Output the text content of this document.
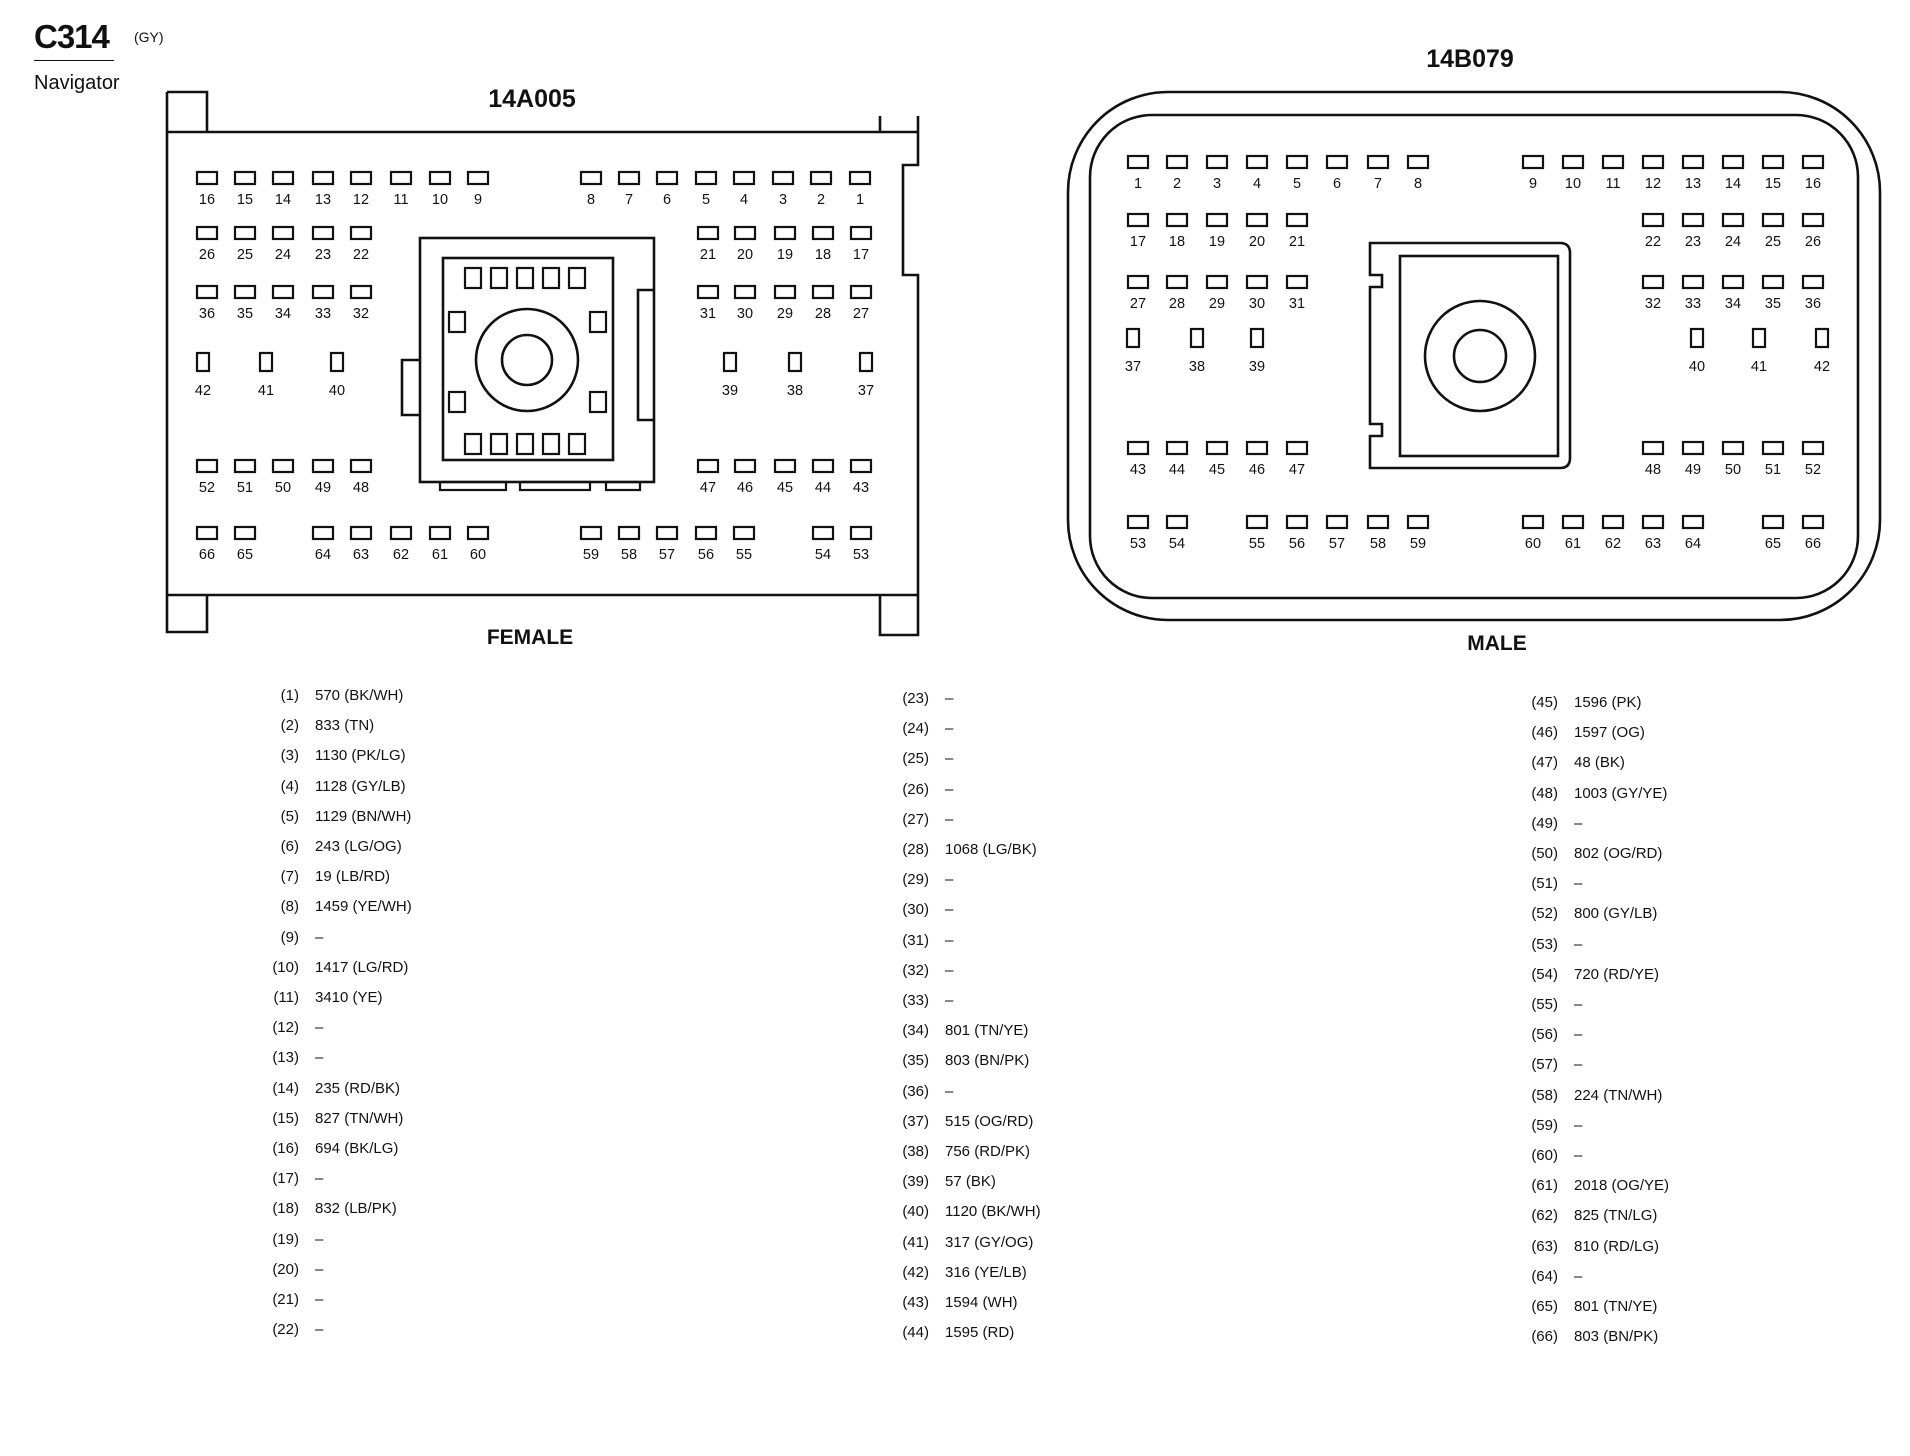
C314 (GY)
Navigator
16 15 14 13 12 11 10 9	8 7 6 5 4 3 2 1
26 25 24 23 22	21 20 19 18 17
36 35 34 33 32	31 30 29 28 27
42	41	40	39	38	37
52 51 50 49 48	47 46 45 44 43
66 65	64 63 62 61 60	59 58 57 56 55	54 53
14A005
FEMALE
1 2 3 4 5 6 7 8	9 10 11 12 13 14 15 16
17 18 19 20 21	22 23 24 25 26
27 28 29 30 31	32 33 34 35 36
37	38	39	40	41	42
43 44 45 46 47	48 49 50 51 52
53 54	55 56 57 58 59	60 61 62 63 64	65 66
14B079
MALE
(1) 570 (BK/WH)
(2) 833 (TN)
(3) 1130 (PK/LG)
(4) 1128 (GY/LB)
(5) 1129 (BN/WH)
(6) 243 (LG/OG)
(7) 19 (LB/RD)
(8) 1459 (YE/WH)
(9) –
(10) 1417 (LG/RD)
(11) 3410 (YE)
(12) –
(13) –
(14) 235 (RD/BK)
(15) 827 (TN/WH)
(16) 694 (BK/LG)
(17) –
(18) 832 (LB/PK)
(19) –
(20) –
(21) –
(22) –
(23) –
(24) –
(25) –
(26) –
(27) –
(28) 1068 (LG/BK)
(29) –
(30) –
(31) –
(32) –
(33) –
(34) 801 (TN/YE)
(35) 803 (BN/PK)
(36) –
(37) 515 (OG/RD)
(38) 756 (RD/PK)
(39) 57 (BK)
(40) 1120 (BK/WH)
(41) 317 (GY/OG)
(42) 316 (YE/LB)
(43) 1594 (WH)
(44) 1595 (RD)
(45) 1596 (PK)
(46) 1597 (OG)
(47) 48 (BK)
(48) 1003 (GY/YE)
(49) –
(50) 802 (OG/RD)
(51) –
(52) 800 (GY/LB)
(53) –
(54) 720 (RD/YE)
(55) –
(56) –
(57) –
(58) 224 (TN/WH)
(59) –
(60) –
(61) 2018 (OG/YE)
(62) 825 (TN/LG)
(63) 810 (RD/LG)
(64) –
(65) 801 (TN/YE)
(66) 803 (BN/PK)
